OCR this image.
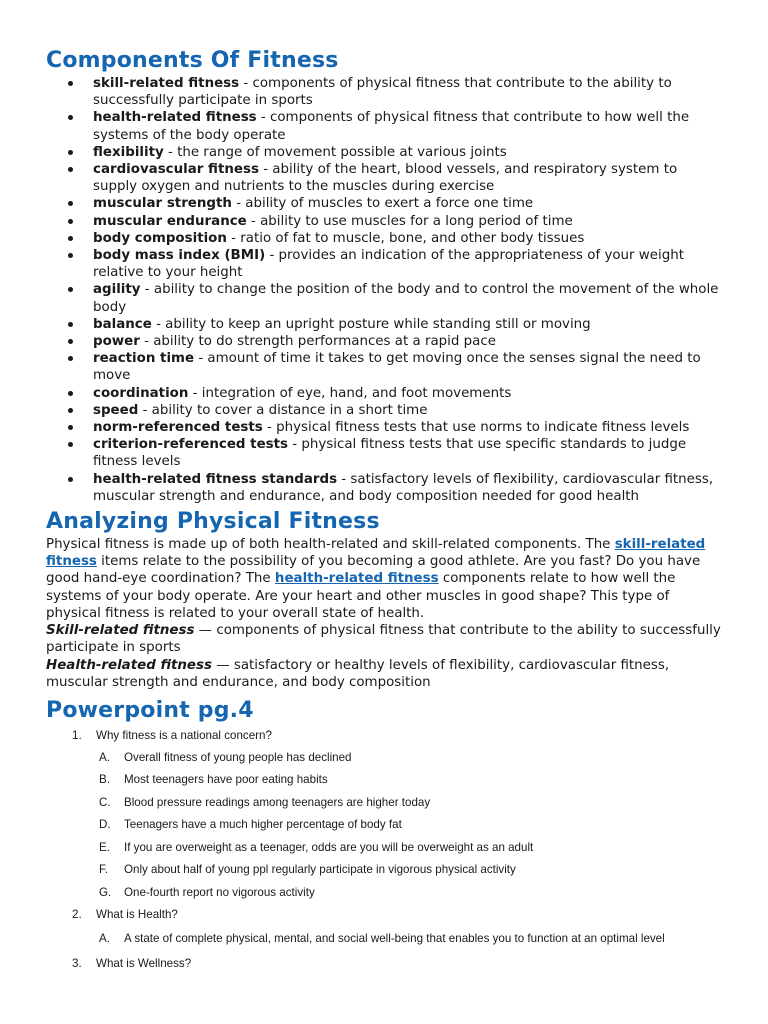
Components Of Fitness
skill-related fitness - components of physical fitness that contribute to the ability to successfully participate in sports
health-related fitness - components of physical fitness that contribute to how well the systems of the body operate
flexibility - the range of movement possible at various joints
cardiovascular fitness - ability of the heart, blood vessels, and respiratory system to supply oxygen and nutrients to the muscles during exercise
muscular strength - ability of muscles to exert a force one time
muscular endurance - ability to use muscles for a long period of time
body composition - ratio of fat to muscle, bone, and other body tissues
body mass index (BMI) - provides an indication of the appropriateness of your weight relative to your height
agility - ability to change the position of the body and to control the movement of the whole body
balance - ability to keep an upright posture while standing still or moving
power - ability to do strength performances at a rapid pace
reaction time - amount of time it takes to get moving once the senses signal the need to move
coordination - integration of eye, hand, and foot movements
speed - ability to cover a distance in a short time
norm-referenced tests - physical fitness tests that use norms to indicate fitness levels
criterion-referenced tests - physical fitness tests that use specific standards to judge fitness levels
health-related fitness standards - satisfactory levels of flexibility, cardiovascular fitness, muscular strength and endurance, and body composition needed for good health
Analyzing Physical Fitness

Physical fitness is made up of both health-related and skill-related components. The skill-related fitness items relate to the possibility of you becoming a good athlete. Are you fast? Do you have good hand-eye coordination? The health-related fitness components relate to how well the systems of your body operate. Are your heart and other muscles in good shape? This type of physical fitness is related to your overall state of health.

Skill-related fitness — components of physical fitness that contribute to the ability to successfully participate in sports

Health-related fitness — satisfactory or healthy levels of flexibility, cardiovascular fitness, muscular strength and endurance, and body composition

Powerpoint pg.4
1. Why fitness is a national concern?
A. Overall fitness of young people has declined
B. Most teenagers have poor eating habits
C. Blood pressure readings among teenagers are higher today
D. Teenagers have a much higher percentage of body fat
E. If you are overweight as a teenager, odds are you will be overweight as an adult
F. Only about half of young ppl regularly participate in vigorous physical activity
G. One-fourth report no vigorous activity
2. What is Health?
A. A state of complete physical, mental, and social well-being that enables you to function at an optimal level
3. What is Wellness?
